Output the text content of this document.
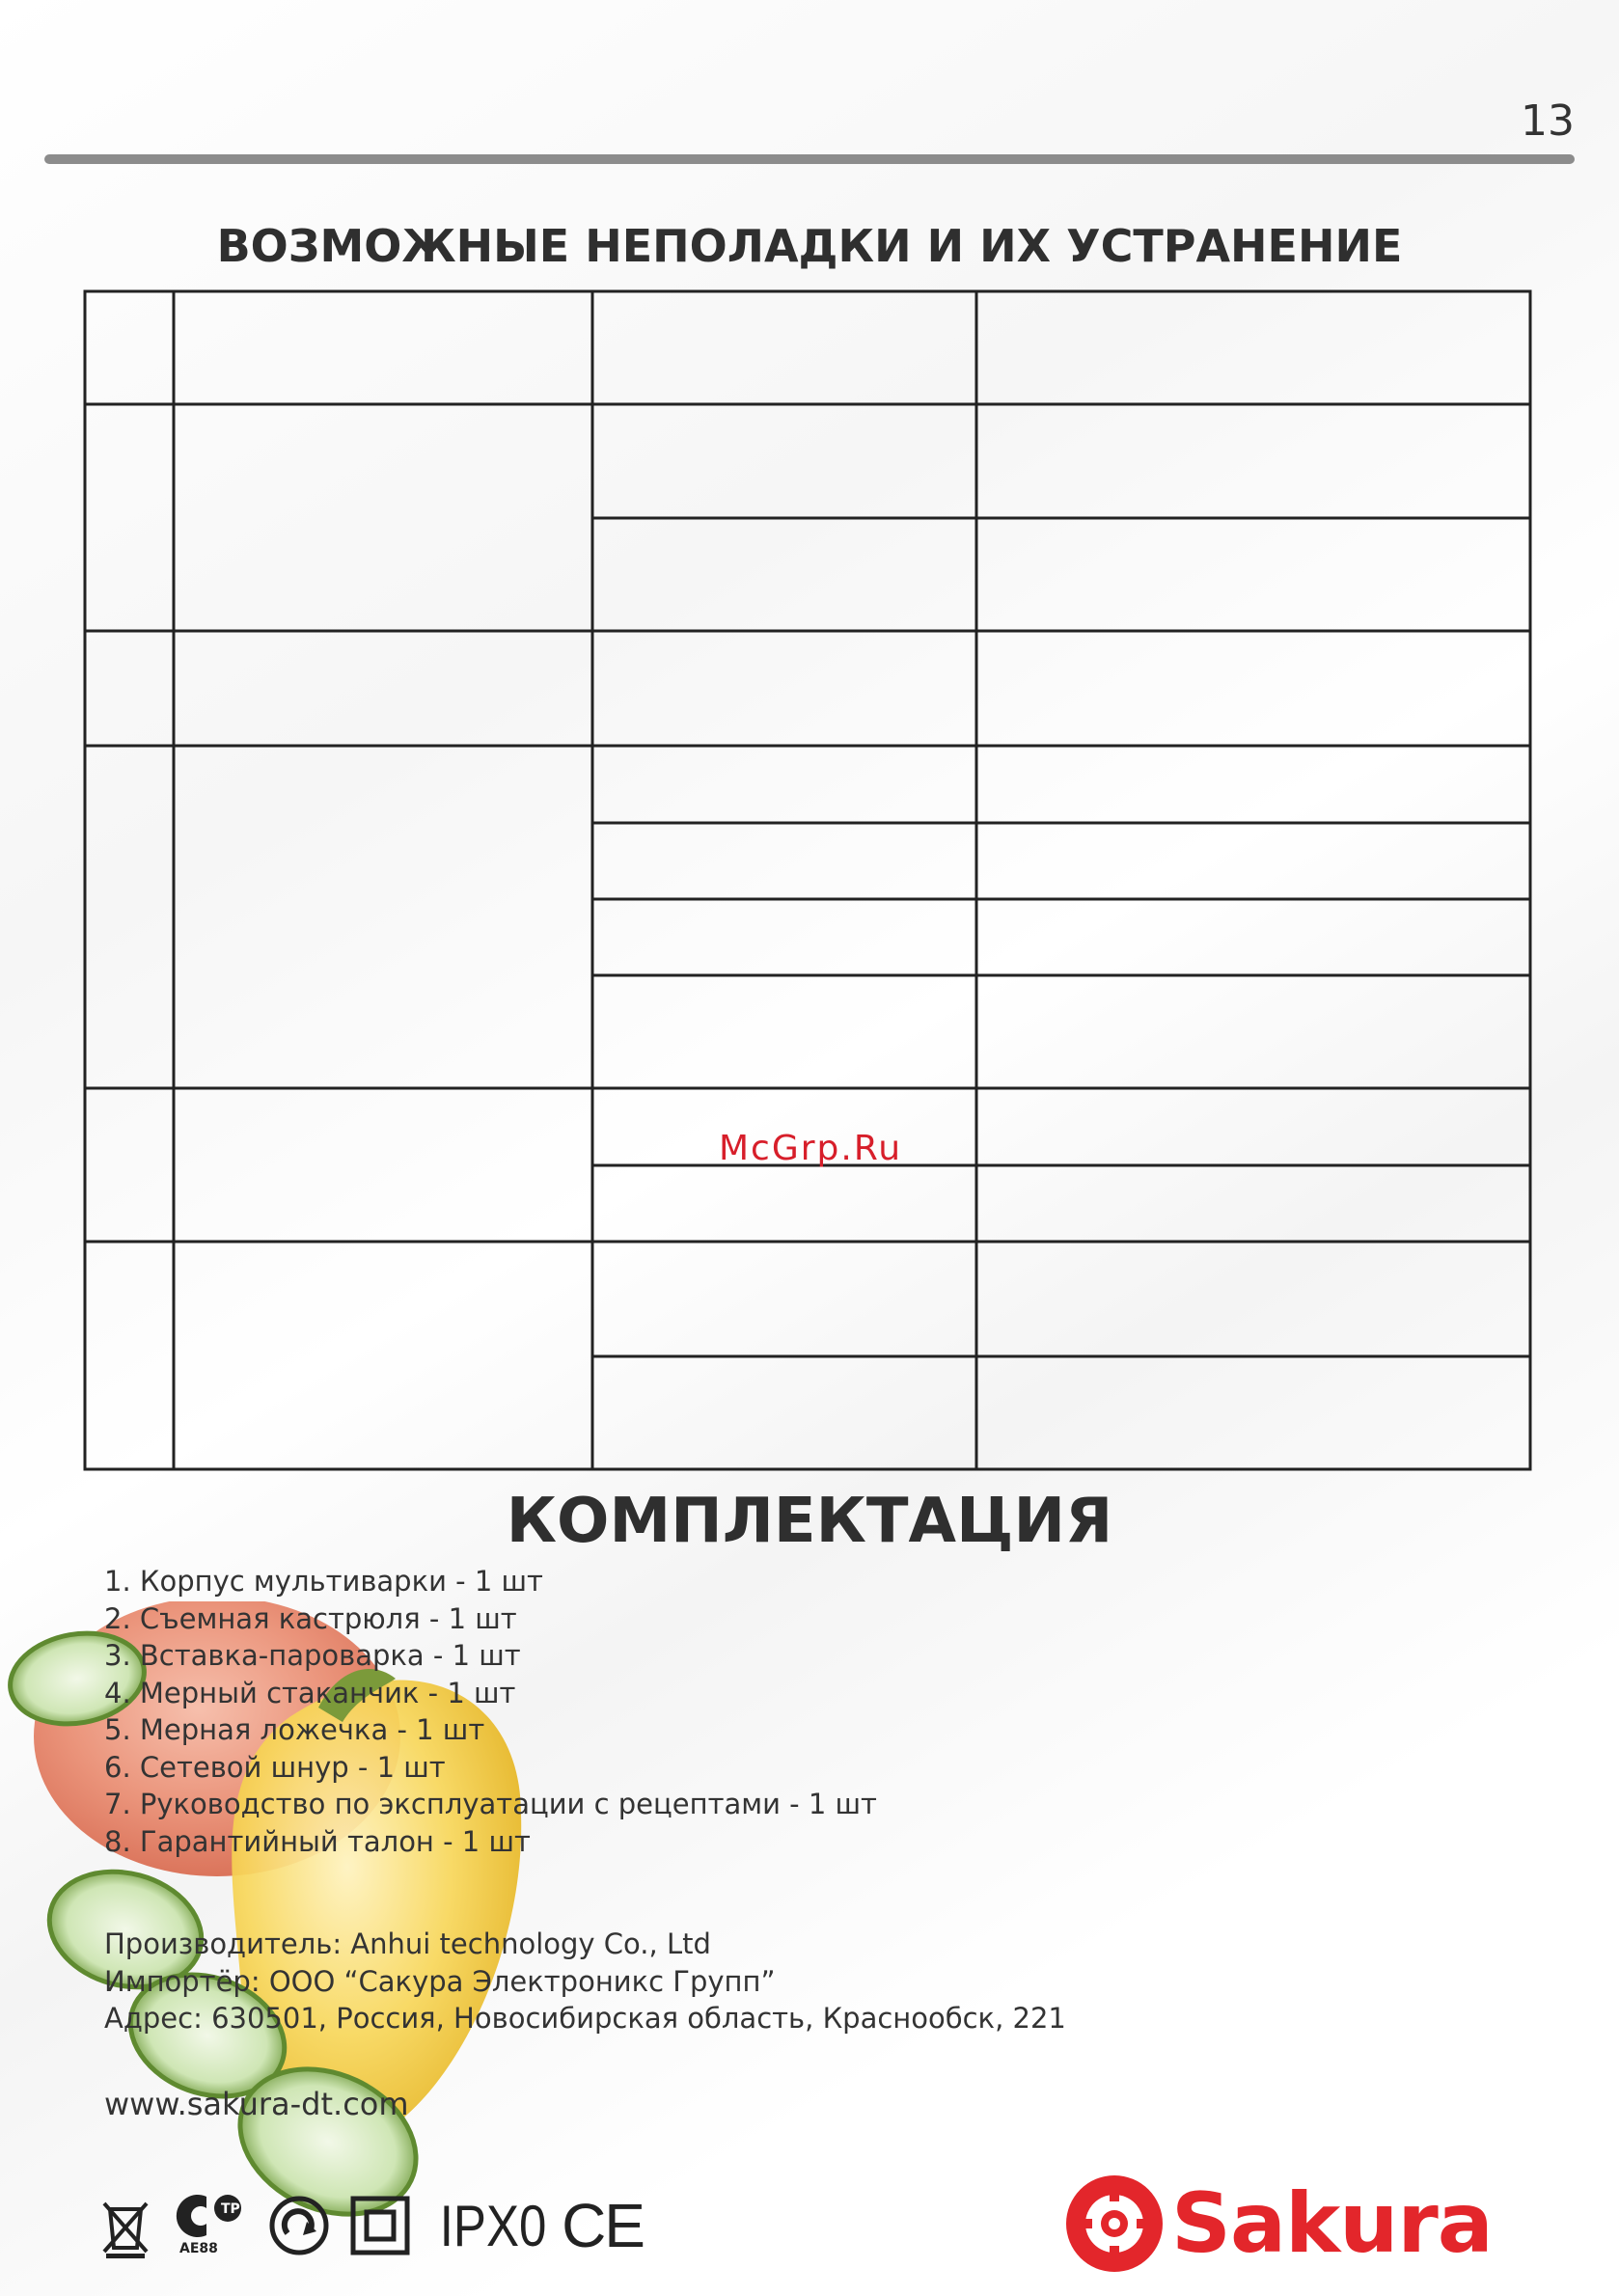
13
ВОЗМОЖНЫЕ НЕПОЛАДКИ И ИХ УСТРАНЕНИЕ
McGrp.Ru
КОМПЛЕКТАЦИЯ
1. Корпус мультиварки - 1 шт
2. Съемная кастрюля - 1 шт
3. Вставка-пароварка - 1 шт
4. Мерный стаканчик - 1 шт
5. Мерная ложечка - 1 шт
6. Сетевой шнур - 1 шт
7. Руководство по эксплуатации с рецептами - 1 шт
8. Гарантийный талон - 1 шт
Производитель: Anhui technology Co., Ltd
Импортёр: ООО “Сакура Электроникс Групп”
Адрес: 630501, Россия, Новосибирская область, Краснообск, 221
www.sakura-dt.com
ТР
AE88	IPX0 CE	Sakura
